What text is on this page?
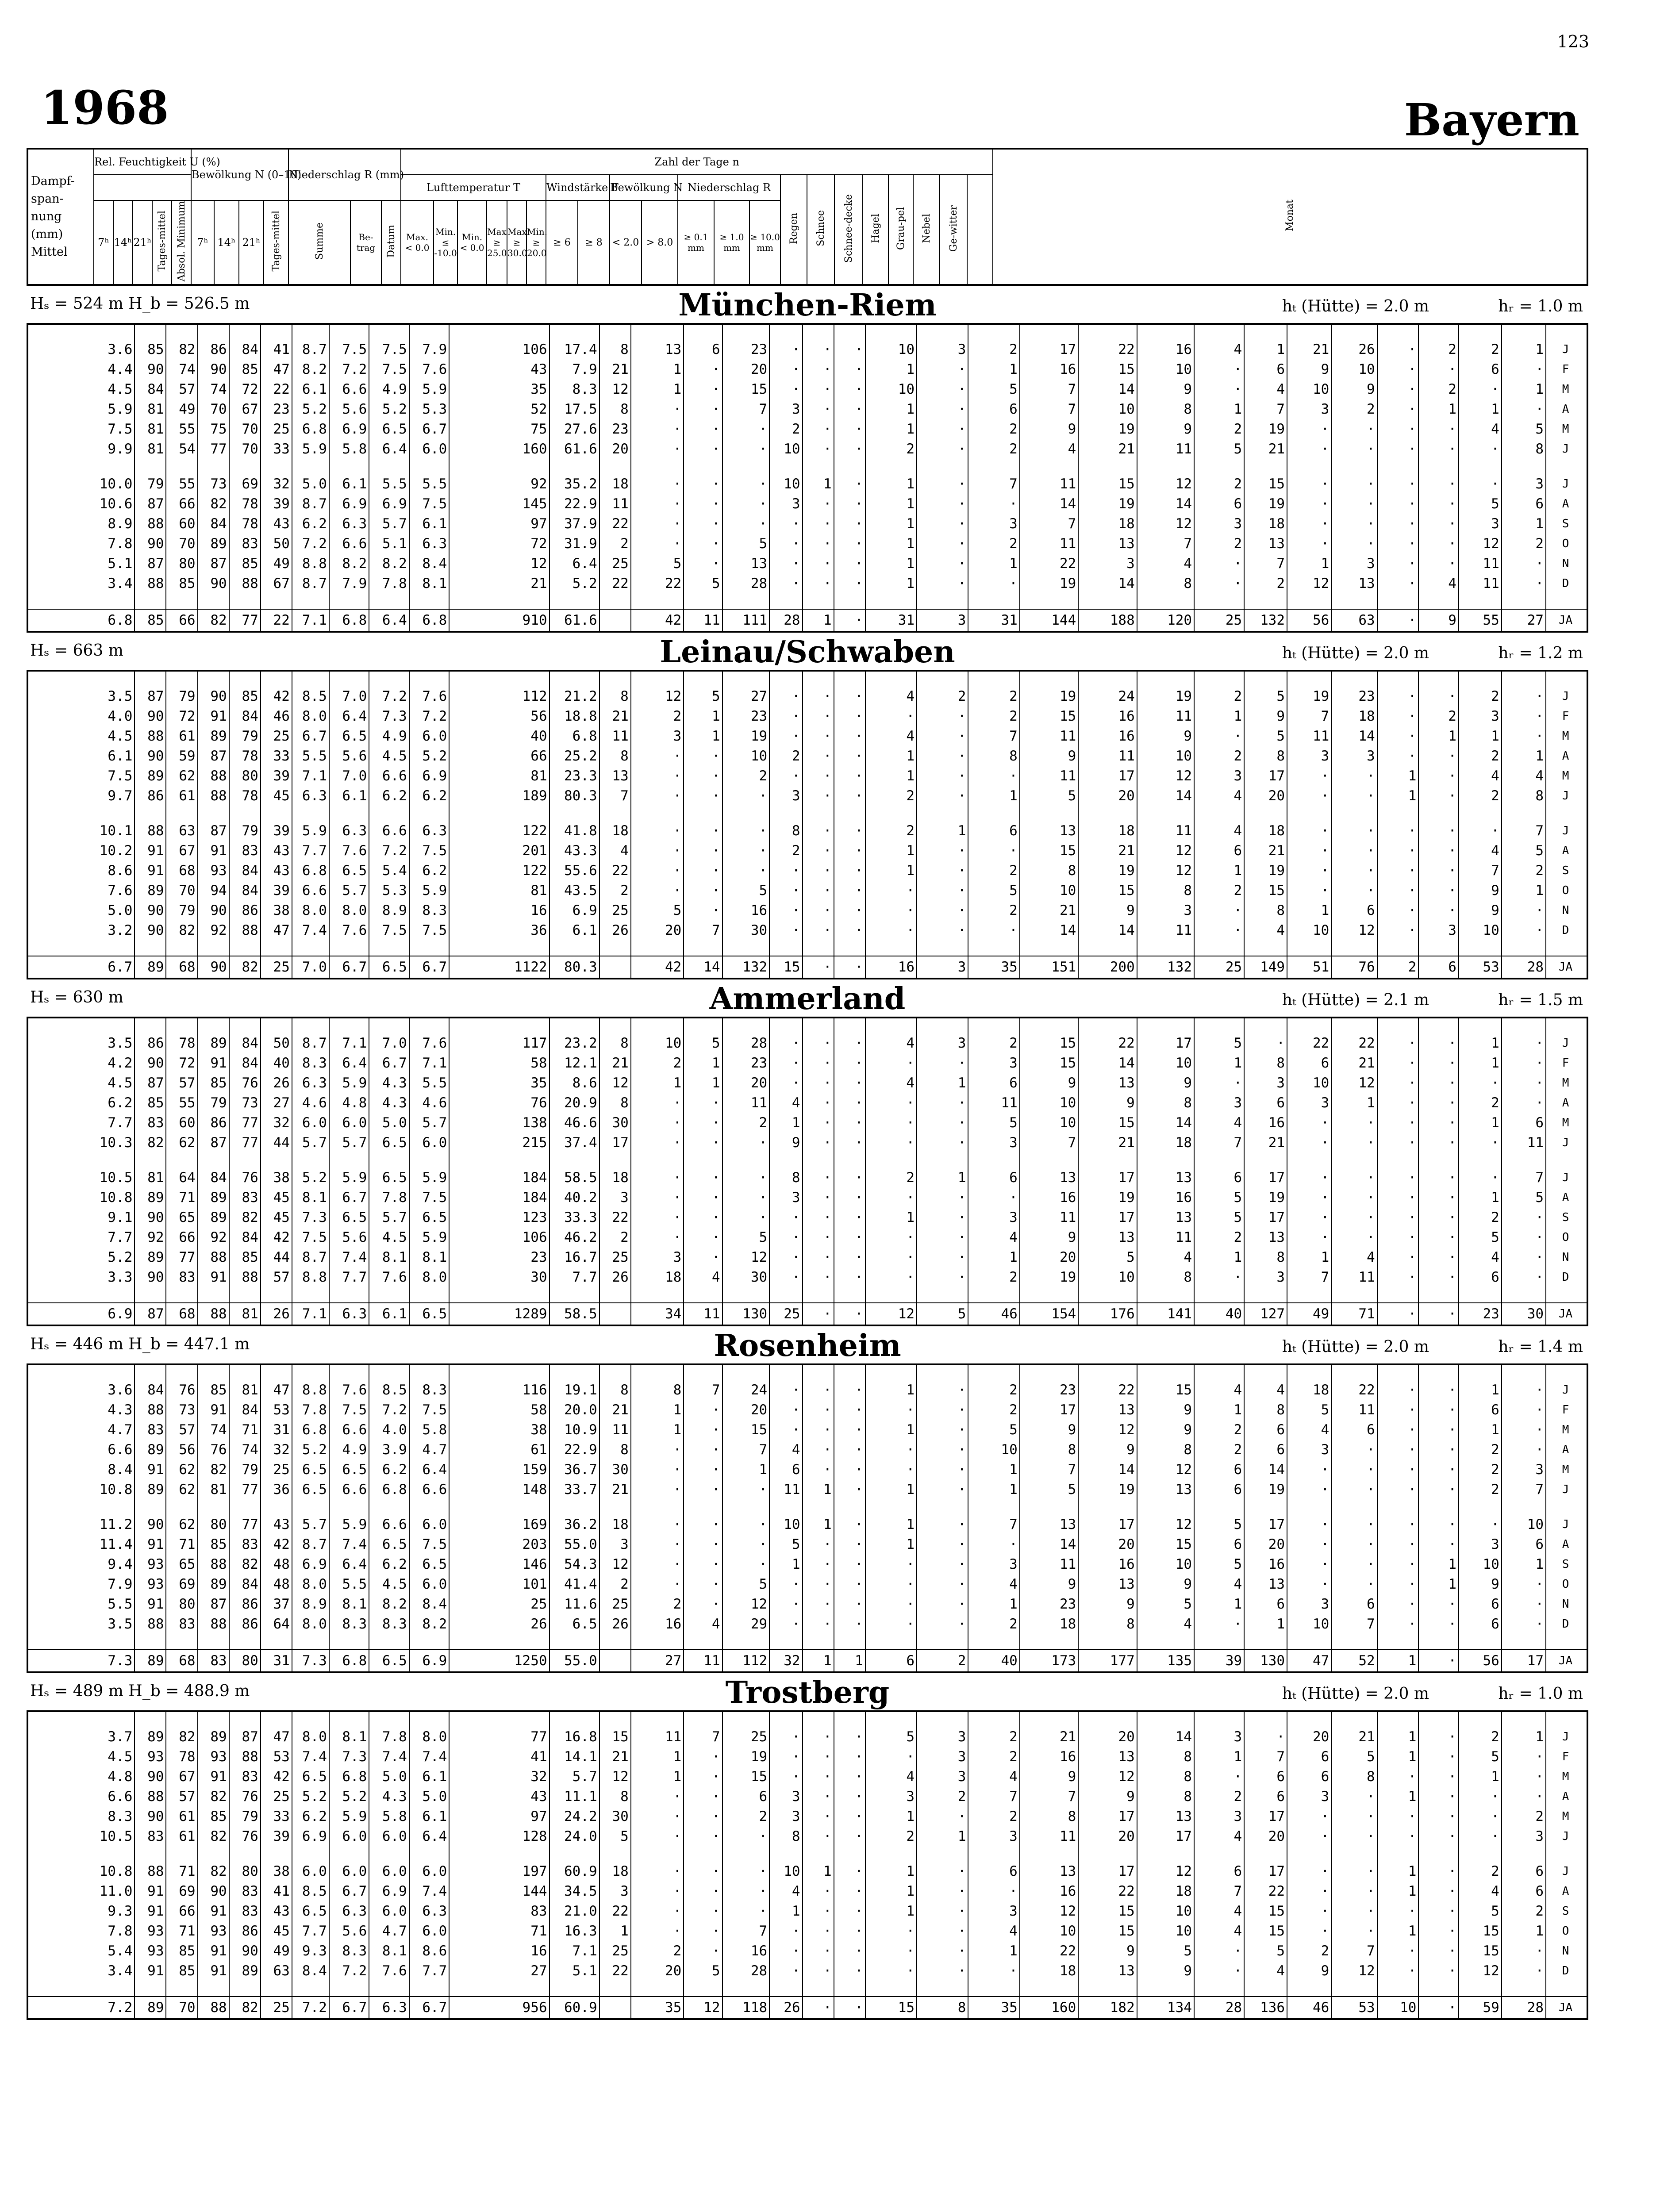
123
1968	Bayern
Dampf-
span-
nung
(mm)
Mittel	Rel. Feuchtigkeit U (%)					Bewölkung N (0–10)				Niederschlag R (mm)			Zahl der Tage n																				Monat
													Lufttemperatur T						Windstärke F		Bewölkung N		Niederschlag R			Regen	Schnee	Schnee-decke	Hagel	Grau-pel	Nebel	Ge-witter	
	7ʰ	14ʰ	21ʰ	Tages-mittel	Absol. Minimum	7ʰ	14ʰ	21ʰ	Tages-mittel	Summe	Be-trag	Datum	Max. < 0.0	Min. ≤ -10.0	Min. < 0.0	Max ≥ 25.0	Max. ≥ 30.0	Min. ≥ 20.0	≥ 6	≥ 8	< 2.0	> 8.0	≥ 0.1 mm	≥ 1.0 mm	≥ 10.0 mm								
Hₛ = 524 m H_b = 526.5 m	München-Riem	hₜ (Hütte) = 2.0 m	hᵣ = 1.0 m

3.6	85	82	86	84	41	8.7	7.5	7.5	7.9	106	17.4	8	13	6	23	·	·	·	10	3	2	17	22	16	4	1	21	26	·	2	2	1	J
4.4	90	74	90	85	47	8.2	7.2	7.5	7.6	43	7.9	21	1	·	20	·	·	·	1	·	1	16	15	10	·	6	9	10	·	·	6	·	F
4.5	84	57	74	72	22	6.1	6.6	4.9	5.9	35	8.3	12	1	·	15	·	·	·	10	·	5	7	14	9	·	4	10	9	·	2	·	1	M
5.9	81	49	70	67	23	5.2	5.6	5.2	5.3	52	17.5	8	·	·	7	3	·	·	1	·	6	7	10	8	1	7	3	2	·	1	1	·	A
7.5	81	55	75	70	25	6.8	6.9	6.5	6.7	75	27.6	23	·	·	·	2	·	·	1	·	2	9	19	9	2	19	·	·	·	·	4	5	M
9.9	81	54	77	70	33	5.9	5.8	6.4	6.0	160	61.6	20	·	·	·	10	·	·	2	·	2	4	21	11	5	21	·	·	·	·	·	8	J

10.0	79	55	73	69	32	5.0	6.1	5.5	5.5	92	35.2	18	·	·	·	10	1	·	1	·	7	11	15	12	2	15	·	·	·	·	·	3	J
10.6	87	66	82	78	39	8.7	6.9	6.9	7.5	145	22.9	11	·	·	·	3	·	·	1	·	·	14	19	14	6	19	·	·	·	·	5	6	A
8.9	88	60	84	78	43	6.2	6.3	5.7	6.1	97	37.9	22	·	·	·	·	·	·	1	·	3	7	18	12	3	18	·	·	·	·	3	1	S
7.8	90	70	89	83	50	7.2	6.6	5.1	6.3	72	31.9	2	·	·	5	·	·	·	1	·	2	11	13	7	2	13	·	·	·	·	12	2	O
5.1	87	80	87	85	49	8.8	8.2	8.2	8.4	12	6.4	25	5	·	13	·	·	·	1	·	1	22	3	4	·	7	1	3	·	·	11	·	N
3.4	88	85	90	88	67	8.7	7.9	7.8	8.1	21	5.2	22	22	5	28	·	·	·	1	·	·	19	14	8	·	2	12	13	·	4	11	·	D

6.8	85	66	82	77	22	7.1	6.8	6.4	6.8	910	61.6		42	11	111	28	1	·	31	3	31	144	188	120	25	132	56	63	·	9	55	27	JA
Hₛ = 663 m	Leinau/Schwaben	hₜ (Hütte) = 2.0 m	hᵣ = 1.2 m

3.5	87	79	90	85	42	8.5	7.0	7.2	7.6	112	21.2	8	12	5	27	·	·	·	4	2	2	19	24	19	2	5	19	23	·	·	2	·	J
4.0	90	72	91	84	46	8.0	6.4	7.3	7.2	56	18.8	21	2	1	23	·	·	·	·	·	2	15	16	11	1	9	7	18	·	2	3	·	F
4.5	88	61	89	79	25	6.7	6.5	4.9	6.0	40	6.8	11	3	1	19	·	·	·	4	·	7	11	16	9	·	5	11	14	·	1	1	·	M
6.1	90	59	87	78	33	5.5	5.6	4.5	5.2	66	25.2	8	·	·	10	2	·	·	1	·	8	9	11	10	2	8	3	3	·	·	2	1	A
7.5	89	62	88	80	39	7.1	7.0	6.6	6.9	81	23.3	13	·	·	2	·	·	·	1	·	·	11	17	12	3	17	·	·	1	·	4	4	M
9.7	86	61	88	78	45	6.3	6.1	6.2	6.2	189	80.3	7	·	·	·	3	·	·	2	·	1	5	20	14	4	20	·	·	1	·	2	8	J

10.1	88	63	87	79	39	5.9	6.3	6.6	6.3	122	41.8	18	·	·	·	8	·	·	2	1	6	13	18	11	4	18	·	·	·	·	·	7	J
10.2	91	67	91	83	43	7.7	7.6	7.2	7.5	201	43.3	4	·	·	·	2	·	·	1	·	·	15	21	12	6	21	·	·	·	·	4	5	A
8.6	91	68	93	84	43	6.8	6.5	5.4	6.2	122	55.6	22	·	·	·	·	·	·	1	·	2	8	19	12	1	19	·	·	·	·	7	2	S
7.6	89	70	94	84	39	6.6	5.7	5.3	5.9	81	43.5	2	·	·	5	·	·	·	·	·	5	10	15	8	2	15	·	·	·	·	9	1	O
5.0	90	79	90	86	38	8.0	8.0	8.9	8.3	16	6.9	25	5	·	16	·	·	·	·	·	2	21	9	3	·	8	1	6	·	·	9	·	N
3.2	90	82	92	88	47	7.4	7.6	7.5	7.5	36	6.1	26	20	7	30	·	·	·	·	·	·	14	14	11	·	4	10	12	·	3	10	·	D

6.7	89	68	90	82	25	7.0	6.7	6.5	6.7	1122	80.3		42	14	132	15	·	·	16	3	35	151	200	132	25	149	51	76	2	6	53	28	JA
Hₛ = 630 m	Ammerland	hₜ (Hütte) = 2.1 m	hᵣ = 1.5 m

3.5	86	78	89	84	50	8.7	7.1	7.0	7.6	117	23.2	8	10	5	28	·	·	·	4	3	2	15	22	17	5	·	22	22	·	·	1	·	J
4.2	90	72	91	84	40	8.3	6.4	6.7	7.1	58	12.1	21	2	1	23	·	·	·	·	·	3	15	14	10	1	8	6	21	·	·	1	·	F
4.5	87	57	85	76	26	6.3	5.9	4.3	5.5	35	8.6	12	1	1	20	·	·	·	4	1	6	9	13	9	·	3	10	12	·	·	·	·	M
6.2	85	55	79	73	27	4.6	4.8	4.3	4.6	76	20.9	8	·	·	11	4	·	·	·	·	11	10	9	8	3	6	3	1	·	·	2	·	A
7.7	83	60	86	77	32	6.0	6.0	5.0	5.7	138	46.6	30	·	·	2	1	·	·	·	·	5	10	15	14	4	16	·	·	·	·	1	6	M
10.3	82	62	87	77	44	5.7	5.7	6.5	6.0	215	37.4	17	·	·	·	9	·	·	·	·	3	7	21	18	7	21	·	·	·	·	·	11	J

10.5	81	64	84	76	38	5.2	5.9	6.5	5.9	184	58.5	18	·	·	·	8	·	·	2	1	6	13	17	13	6	17	·	·	·	·	·	7	J
10.8	89	71	89	83	45	8.1	6.7	7.8	7.5	184	40.2	3	·	·	·	3	·	·	·	·	·	16	19	16	5	19	·	·	·	·	1	5	A
9.1	90	65	89	82	45	7.3	6.5	5.7	6.5	123	33.3	22	·	·	·	·	·	·	1	·	3	11	17	13	5	17	·	·	·	·	2	·	S
7.7	92	66	92	84	42	7.5	5.6	4.5	5.9	106	46.2	2	·	·	5	·	·	·	·	·	4	9	13	11	2	13	·	·	·	·	5	·	O
5.2	89	77	88	85	44	8.7	7.4	8.1	8.1	23	16.7	25	3	·	12	·	·	·	·	·	1	20	5	4	1	8	1	4	·	·	4	·	N
3.3	90	83	91	88	57	8.8	7.7	7.6	8.0	30	7.7	26	18	4	30	·	·	·	·	·	2	19	10	8	·	3	7	11	·	·	6	·	D

6.9	87	68	88	81	26	7.1	6.3	6.1	6.5	1289	58.5		34	11	130	25	·	·	12	5	46	154	176	141	40	127	49	71	·	·	23	30	JA
Hₛ = 446 m H_b = 447.1 m	Rosenheim	hₜ (Hütte) = 2.0 m	hᵣ = 1.4 m

3.6	84	76	85	81	47	8.8	7.6	8.5	8.3	116	19.1	8	8	7	24	·	·	·	1	·	2	23	22	15	4	4	18	22	·	·	1	·	J
4.3	88	73	91	84	53	7.8	7.5	7.2	7.5	58	20.0	21	1	·	20	·	·	·	·	·	2	17	13	9	1	8	5	11	·	·	6	·	F
4.7	83	57	74	71	31	6.8	6.6	4.0	5.8	38	10.9	11	1	·	15	·	·	·	1	·	5	9	12	9	2	6	4	6	·	·	1	·	M
6.6	89	56	76	74	32	5.2	4.9	3.9	4.7	61	22.9	8	·	·	7	4	·	·	·	·	10	8	9	8	2	6	3	·	·	·	2	·	A
8.4	91	62	82	79	25	6.5	6.5	6.2	6.4	159	36.7	30	·	·	1	6	·	·	·	·	1	7	14	12	6	14	·	·	·	·	2	3	M
10.8	89	62	81	77	36	6.5	6.6	6.8	6.6	148	33.7	21	·	·	·	11	1	·	1	·	1	5	19	13	6	19	·	·	·	·	2	7	J

11.2	90	62	80	77	43	5.7	5.9	6.6	6.0	169	36.2	18	·	·	·	10	1	·	1	·	7	13	17	12	5	17	·	·	·	·	·	10	J
11.4	91	71	85	83	42	8.7	7.4	6.5	7.5	203	55.0	3	·	·	·	5	·	·	1	·	·	14	20	15	6	20	·	·	·	·	3	6	A
9.4	93	65	88	82	48	6.9	6.4	6.2	6.5	146	54.3	12	·	·	·	1	·	·	·	·	3	11	16	10	5	16	·	·	·	1	10	1	S
7.9	93	69	89	84	48	8.0	5.5	4.5	6.0	101	41.4	2	·	·	5	·	·	·	·	·	4	9	13	9	4	13	·	·	·	1	9	·	O
5.5	91	80	87	86	37	8.9	8.1	8.2	8.4	25	11.6	25	2	·	12	·	·	·	·	·	1	23	9	5	1	6	3	6	·	·	6	·	N
3.5	88	83	88	86	64	8.0	8.3	8.3	8.2	26	6.5	26	16	4	29	·	·	·	·	·	2	18	8	4	·	1	10	7	·	·	6	·	D

7.3	89	68	83	80	31	7.3	6.8	6.5	6.9	1250	55.0		27	11	112	32	1	1	6	2	40	173	177	135	39	130	47	52	1	·	56	17	JA
Hₛ = 489 m H_b = 488.9 m	Trostberg	hₜ (Hütte) = 2.0 m	hᵣ = 1.0 m

3.7	89	82	89	87	47	8.0	8.1	7.8	8.0	77	16.8	15	11	7	25	·	·	·	5	3	2	21	20	14	3	·	20	21	1	·	2	1	J
4.5	93	78	93	88	53	7.4	7.3	7.4	7.4	41	14.1	21	1	·	19	·	·	·	·	3	2	16	13	8	1	7	6	5	1	·	5	·	F
4.8	90	67	91	83	42	6.5	6.8	5.0	6.1	32	5.7	12	1	·	15	·	·	·	4	3	4	9	12	8	·	6	6	8	·	·	1	·	M
6.6	88	57	82	76	25	5.2	5.2	4.3	5.0	43	11.1	8	·	·	6	3	·	·	3	2	7	7	9	8	2	6	3	·	1	·	·	·	A
8.3	90	61	85	79	33	6.2	5.9	5.8	6.1	97	24.2	30	·	·	2	3	·	·	1	·	2	8	17	13	3	17	·	·	·	·	·	2	M
10.5	83	61	82	76	39	6.9	6.0	6.0	6.4	128	24.0	5	·	·	·	8	·	·	2	1	3	11	20	17	4	20	·	·	·	·	·	3	J

10.8	88	71	82	80	38	6.0	6.0	6.0	6.0	197	60.9	18	·	·	·	10	1	·	1	·	6	13	17	12	6	17	·	·	1	·	2	6	J
11.0	91	69	90	83	41	8.5	6.7	6.9	7.4	144	34.5	3	·	·	·	4	·	·	1	·	·	16	22	18	7	22	·	·	1	·	4	6	A
9.3	91	66	91	83	43	6.5	6.3	6.0	6.3	83	21.0	22	·	·	·	1	·	·	1	·	3	12	15	10	4	15	·	·	·	·	5	2	S
7.8	93	71	93	86	45	7.7	5.6	4.7	6.0	71	16.3	1	·	·	7	·	·	·	·	·	4	10	15	10	4	15	·	·	1	·	15	1	O
5.4	93	85	91	90	49	9.3	8.3	8.1	8.6	16	7.1	25	2	·	16	·	·	·	·	·	1	22	9	5	·	5	2	7	·	·	15	·	N
3.4	91	85	91	89	63	8.4	7.2	7.6	7.7	27	5.1	22	20	5	28	·	·	·	·	·	·	18	13	9	·	4	9	12	·	·	12	·	D

7.2	89	70	88	82	25	7.2	6.7	6.3	6.7	956	60.9		35	12	118	26	·	·	15	8	35	160	182	134	28	136	46	53	10	·	59	28	JA
